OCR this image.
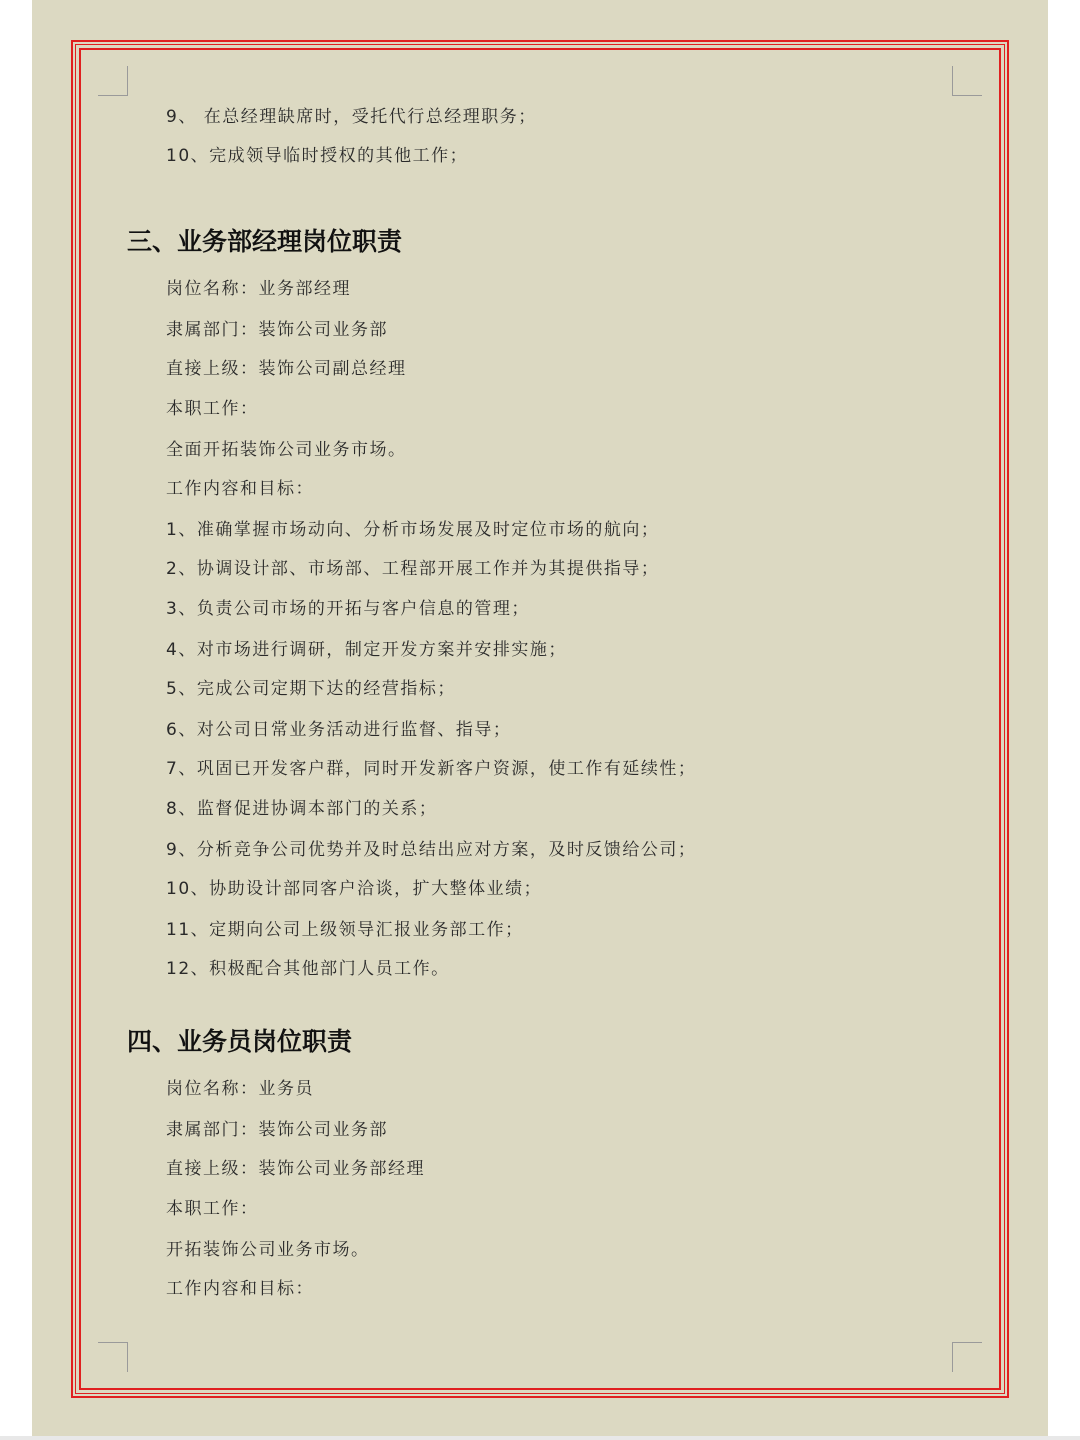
9、 在总经理缺席时，受托代行总经理职务；
10、完成领导临时授权的其他工作；
三、业务部经理岗位职责
岗位名称：业务部经理
隶属部门：装饰公司业务部
直接上级：装饰公司副总经理
本职工作：
全面开拓装饰公司业务市场。
工作内容和目标：
1、准确掌握市场动向、分析市场发展及时定位市场的航向；
2、协调设计部、市场部、工程部开展工作并为其提供指导；
3、负责公司市场的开拓与客户信息的管理；
4、对市场进行调研，制定开发方案并安排实施；
5、完成公司定期下达的经营指标；
6、对公司日常业务活动进行监督、指导；
7、巩固已开发客户群，同时开发新客户资源，使工作有延续性；
8、监督促进协调本部门的关系；
9、分析竞争公司优势并及时总结出应对方案，及时反馈给公司；
10、协助设计部同客户洽谈，扩大整体业绩；
11、定期向公司上级领导汇报业务部工作；
12、积极配合其他部门人员工作。
四、业务员岗位职责
岗位名称：业务员
隶属部门：装饰公司业务部
直接上级：装饰公司业务部经理
本职工作：
开拓装饰公司业务市场。
工作内容和目标：
